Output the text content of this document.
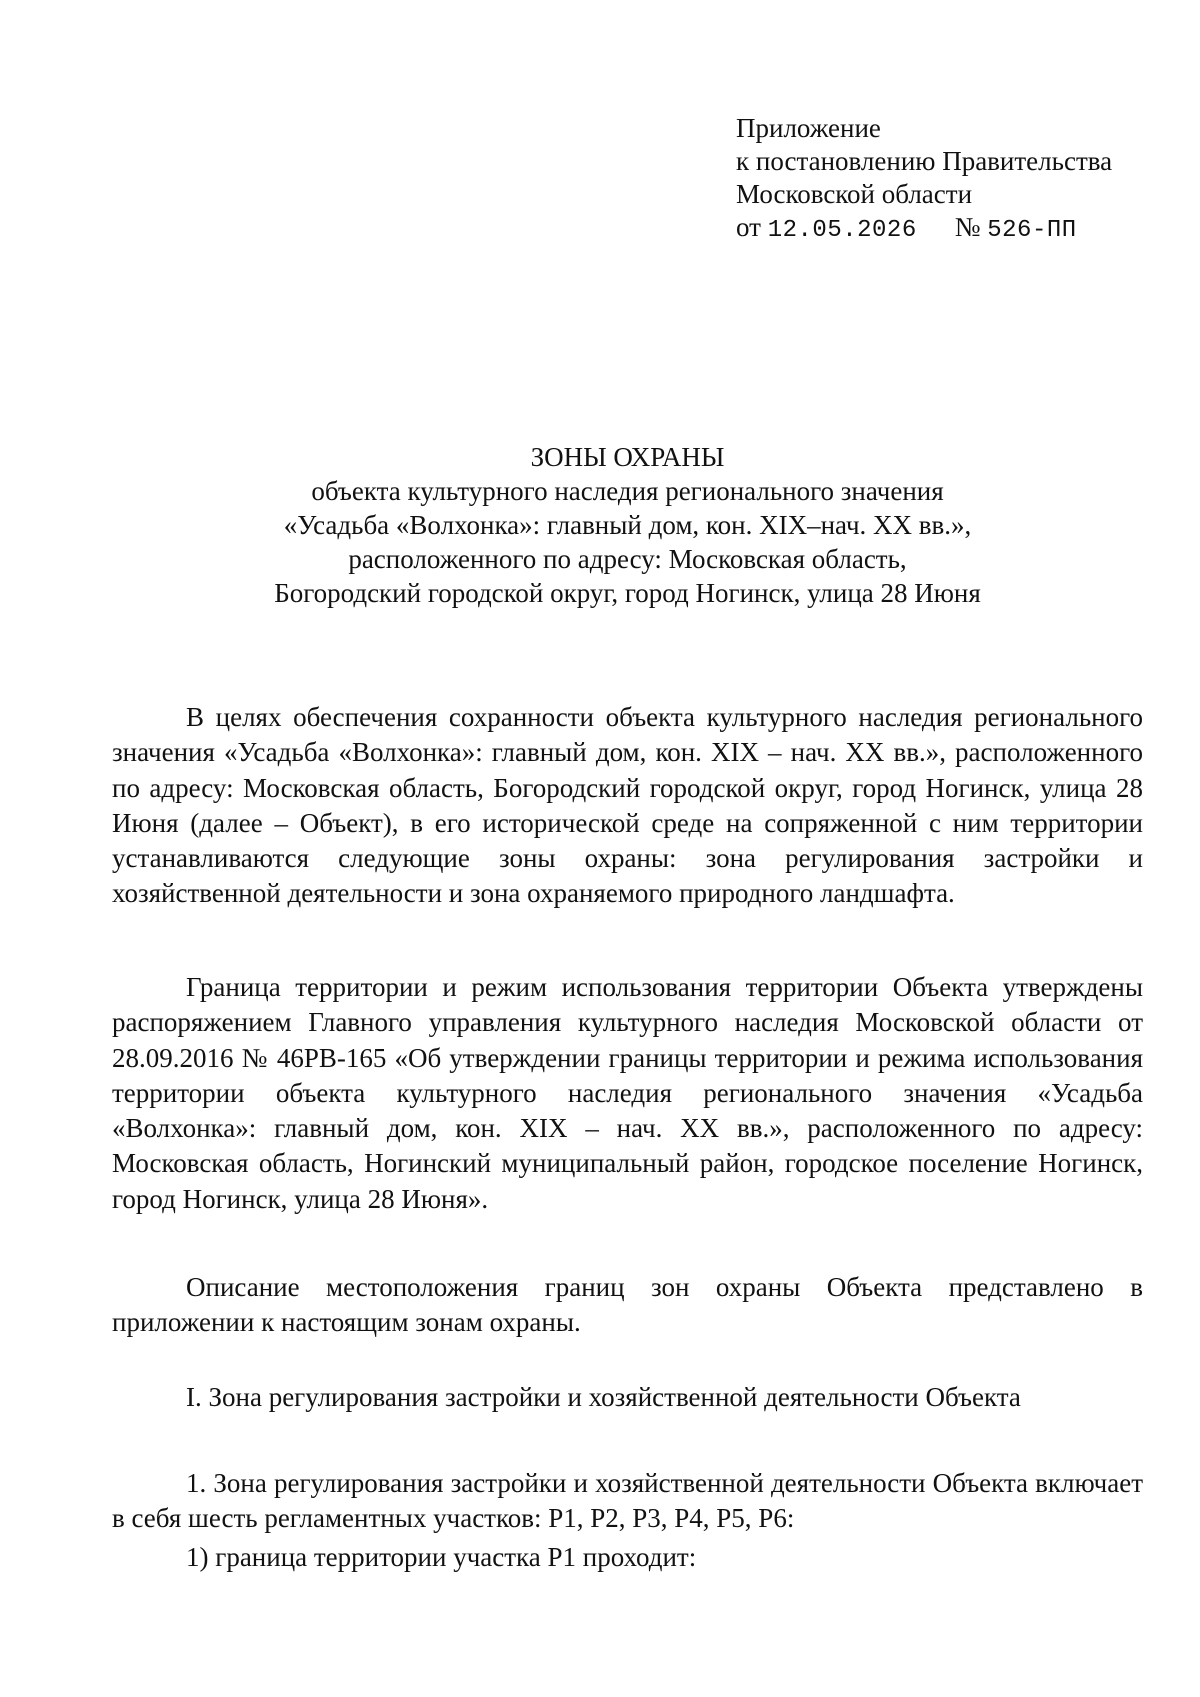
Приложение
к постановлению Правительства
Московской области
от 12.05.2026 № 526-ПП
ЗОНЫ ОХРАНЫ
объекта культурного наследия регионального значения
«Усадьба «Волхонка»: главный дом, кон. XIX–нач. XX вв.»,
расположенного по адресу: Московская область,
Богородский городской округ, город Ногинск, улица 28 Июня

В целях обеспечения сохранности объекта культурного наследия регионального значения «Усадьба «Волхонка»: главный дом, кон. XIX – нач. XX вв.», расположенного по адресу: Московская область, Богородский городской округ, город Ногинск, улица 28 Июня (далее – Объект), в его исторической среде на сопряженной с ним территории устанавливаются следующие зоны охраны: зона регулирования застройки и хозяйственной деятельности и зона охраняемого природного ландшафта.

Граница территории и режим использования территории Объекта утверждены распоряжением Главного управления культурного наследия Московской области от 28.09.2016 № 46РВ-165 «Об утверждении границы территории и режима использования территории объекта культурного наследия регионального значения «Усадьба «Волхонка»: главный дом, кон. XIX – нач. XX вв.», расположенного по адресу: Московская область, Ногинский муниципальный район, городское поселение Ногинск, город Ногинск, улица 28 Июня».

Описание местоположения границ зон охраны Объекта представлено в приложении к настоящим зонам охраны.

I. Зона регулирования застройки и хозяйственной деятельности Объекта

1. Зона регулирования застройки и хозяйственной деятельности Объекта включает в себя шесть регламентных участков: Р1, Р2, Р3, Р4, Р5, Р6:

1) граница территории участка Р1 проходит:
